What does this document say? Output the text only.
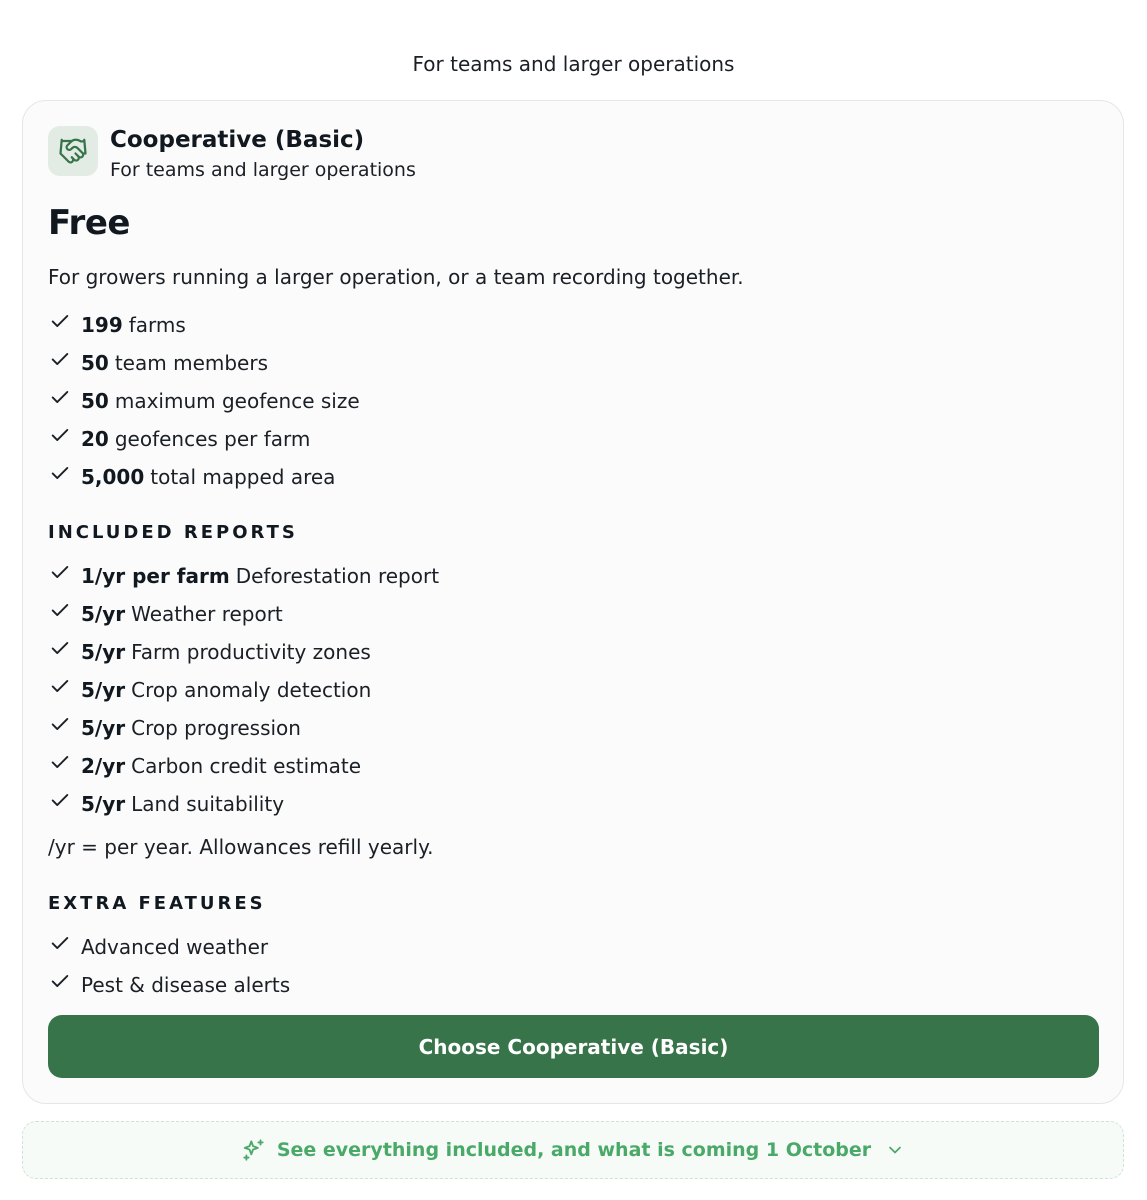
For teams and larger operations
Cooperative (Basic)
For teams and larger operations
Free
For growers running a larger operation, or a team recording together.
199 farms
50 team members
50 maximum geofence size
20 geofences per farm
5,000 total mapped area
INCLUDED REPORTS
1/yr per farm Deforestation report
5/yr Weather report
5/yr Farm productivity zones
5/yr Crop anomaly detection
5/yr Crop progression
2/yr Carbon credit estimate
5/yr Land suitability
/yr = per year. Allowances refill yearly.
EXTRA FEATURES
Advanced weather
Pest & disease alerts
Choose Cooperative (Basic)
See everything included, and what is coming 1 October
